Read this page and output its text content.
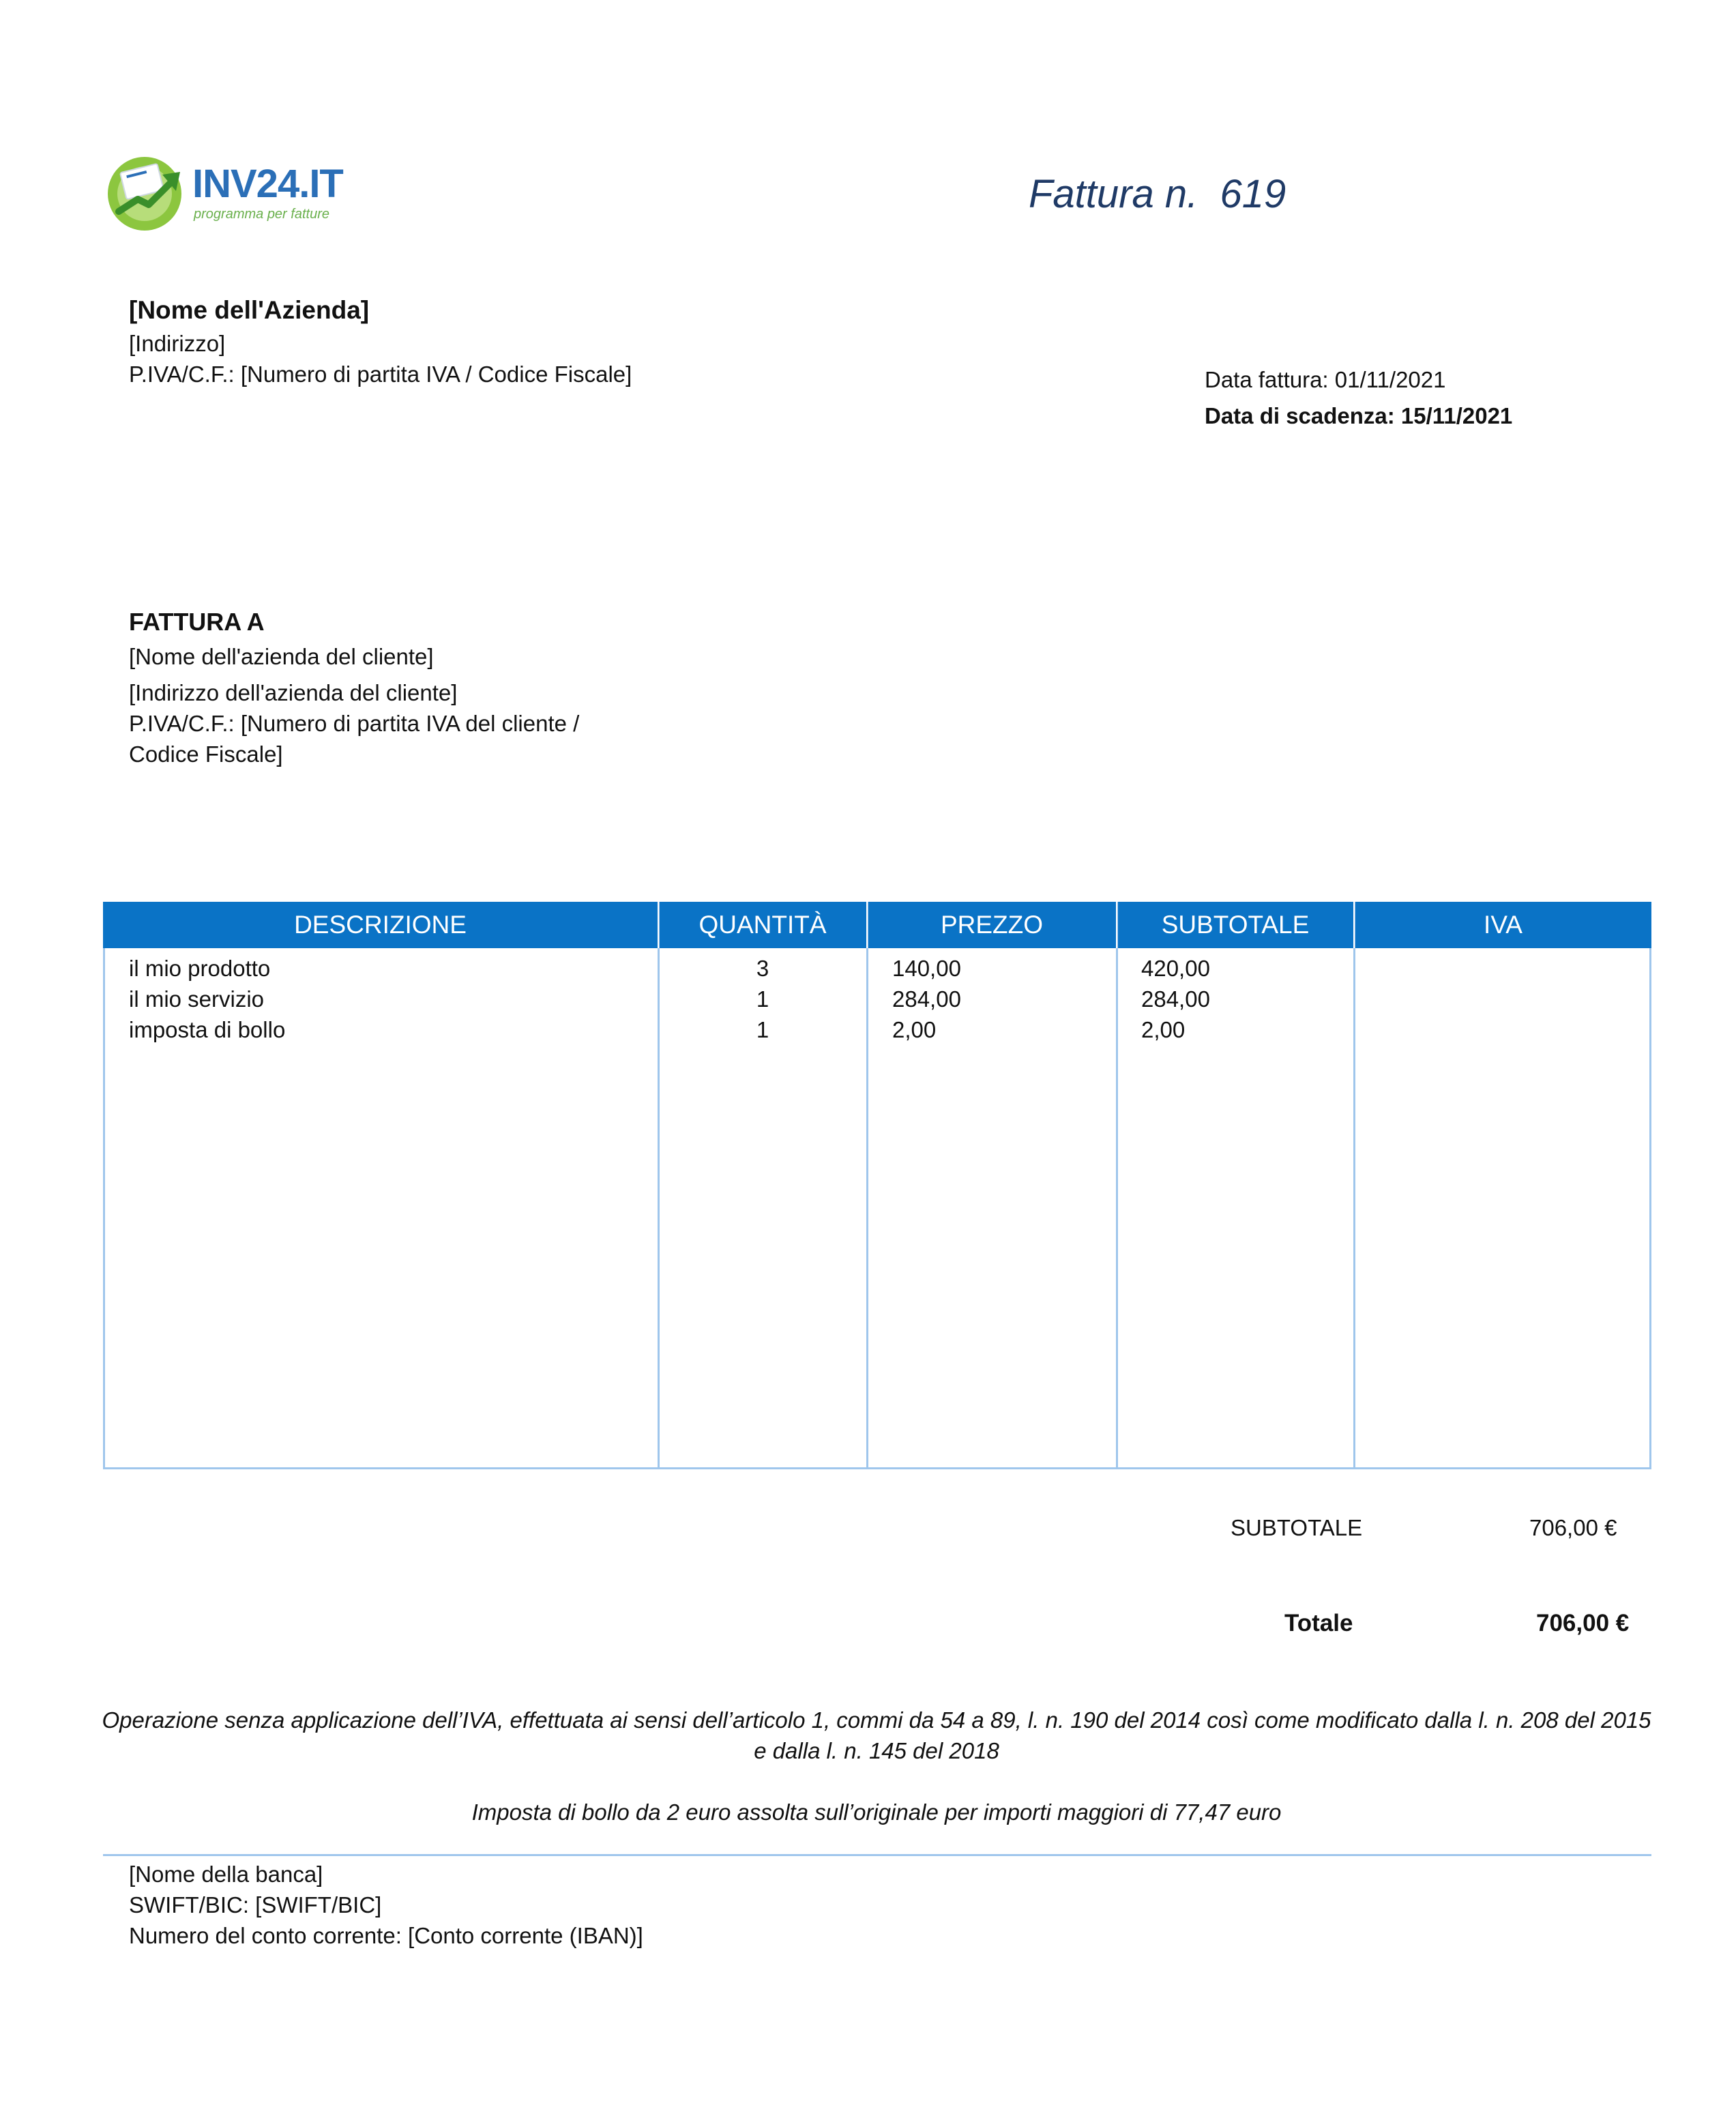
INV24.IT
programma per fatture	Fattura n. 619
[Nome dell'Azienda]
[Indirizzo]
P.IVA/C.F.: [Numero di partita IVA / Codice Fiscale]	Data fattura: 01/11/2021
Data di scadenza: 15/11/2021
FATTURA A
[Nome dell'azienda del cliente]
[Indirizzo dell'azienda del cliente]
P.IVA/C.F.: [Numero di partita IVA del cliente /
Codice Fiscale]
DESCRIZIONE	QUANTITÀ	PREZZO	SUBTOTALE	IVA
il mio prodotto	3	140,00	420,00
il mio servizio	1	284,00	284,00
imposta di bollo	1	2,00	2,00
SUBTOTALE	706,00 €
Totale	706,00 €
Operazione senza applicazione dell’IVA, effettuata ai sensi dell’articolo 1, commi da 54 a 89, l. n. 190 del 2014 così come modificato dalla l. n. 208 del 2015
e dalla l. n. 145 del 2018
Imposta di bollo da 2 euro assolta sull’originale per importi maggiori di 77,47 euro
[Nome della banca]
SWIFT/BIC: [SWIFT/BIC]
Numero del conto corrente: [Conto corrente (IBAN)]
